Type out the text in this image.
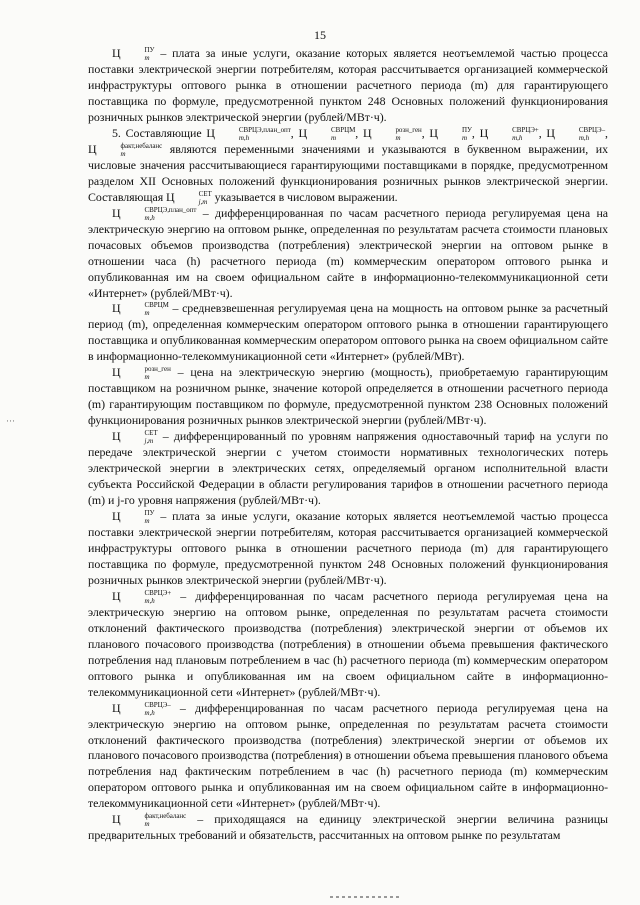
15
···

Ц	ПУ
m – плата за иные услуги, оказание которых является неотъемлемой частью процесса поставки электрической энергии потребителям, которая рассчитывается организацией коммерческой инфраструктуры оптового рынка в отношении расчетного периода (m) для гарантирующего поставщика по формуле, предусмотренной пунктом 248 Основных положений функционирования розничных рынков электрической энергии (рублей/МВт·ч).

5. Составляющие Ц	СВРЦЭ,план_опт
m,h	, Ц	СВРЦМ
m	, Ц	розн_ген
m	, Ц	ПУ
m , Ц	СВРЦЭ+
m,h	, Ц	СВРЦЭ–
m,h	, Ц	факт,небаланс
m	являются переменными значениями и указываются в буквенном выражении, их числовые значения рассчитывающиеся гарантирующими поставщиками в порядке, предусмотренном разделом XII Основных положений функционирования розничных рынков электрической энергии. Составляющая Ц	СЕТ
j,m указывается в числовом выражении.

Ц	СВРЦЭ,план_опт
m,h	– дифференцированная по часам расчетного периода регулируемая цена на электрическую энергию на оптовом рынке, определенная по результатам расчета стоимости плановых почасовых объемов производства (потребления) электрической энергии на оптовом рынке в отношении часа (h) расчетного периода (m) коммерческим оператором оптового рынка и опубликованная им на своем официальном сайте в информационно-телекоммуникационной сети «Интернет» (рублей/МВт·ч).

Ц	СВРЦМ
m	– средневзвешенная регулируемая цена на мощность на оптовом рынке за расчетный период (m), определенная коммерческим оператором оптового рынка в отношении гарантирующего поставщика и опубликованная коммерческим оператором оптового рынка на своем официальном сайте в информационно-телекоммуникационной сети «Интернет» (рублей/МВт).

Ц	розн_ген
m	– цена на электрическую энергию (мощность), приобретаемую гарантирующим поставщиком на розничном рынке, значение которой определяется в отношении расчетного периода (m) гарантирующим поставщиком по формуле, предусмотренной пунктом 238 Основных положений функционирования розничных рынков электрической энергии (рублей/МВт·ч).

Ц	СЕТ
j,m – дифференцированный по уровням напряжения одноставочный тариф на услуги по передаче электрической энергии с учетом стоимости нормативных технологических потерь электрической энергии в электрических сетях, определяемый органом исполнительной власти субъекта Российской Федерации в области регулирования тарифов в отношении расчетного периода (m) и j-го уровня напряжения (рублей/МВт·ч).

Ц	ПУ
m – плата за иные услуги, оказание которых является неотъемлемой частью процесса поставки электрической энергии потребителям, которая рассчитывается организацией коммерческой инфраструктуры оптового рынка в отношении расчетного периода (m) для гарантирующего поставщика по формуле, предусмотренной пунктом 248 Основных положений функционирования розничных рынков электрической энергии (рублей/МВт·ч).

Ц	СВРЦЭ+
m,h	– дифференцированная по часам расчетного периода регулируемая цена на электрическую энергию на оптовом рынке, определенная по результатам расчета стоимости отклонений фактического производства (потребления) электрической энергии от объемов их планового почасового производства (потребления) в отношении объема превышения фактического потребления над плановым потреблением в час (h) расчетного периода (m) коммерческим оператором оптового рынка и опубликованная им на своем официальном сайте в информационно-телекоммуникационной сети «Интернет» (рублей/МВт·ч).

Ц	СВРЦЭ–
m,h	– дифференцированная по часам расчетного периода регулируемая цена на электрическую энергию на оптовом рынке, определенная по результатам расчета стоимости отклонений фактического производства (потребления) электрической энергии от объемов их планового почасового производства (потребления) в отношении объема превышения планового объема потребления над фактическим потреблением в час (h) расчетного периода (m) коммерческим оператором оптового рынка и опубликованная им на своем официальном сайте в информационно-телекоммуникационной сети «Интернет» (рублей/МВт·ч).

Ц	факт,небаланс
m	– приходящаяся на единицу электрической энергии величина разницы предварительных требований и обязательств, рассчитанных на оптовом рынке по результатам
